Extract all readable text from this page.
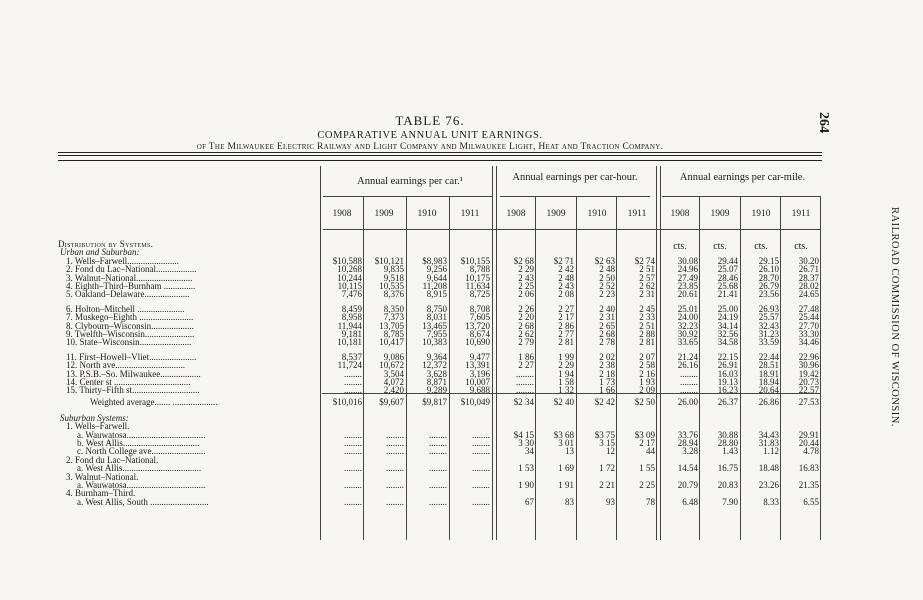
264
RAILROAD COMMISSION OF WISCONSIN.
TABLE 76.
COMPARATIVE ANNUAL UNIT EARNINGS.
of The Milwaukee Electric Railway and Light Company and Milwaukee Light, Heat and Traction Company.
Annual earnings per car.¹	Annual earnings per car-hour.	Annual earnings per car-mile.
1908	1909	1910	1911	1908	1909	1910	1911	1908	1909	1910	1911
cts.	cts.	cts.	cts.
Distribution by Systems.
Urban and Suburban:
1. Wells–Farwell.......................	$10,588	$10,121	$8,983	$10,155	$2 68	$2 71	$2 63	$2 74	30.08	29.44	29.15	30.20
2. Fond du Lac–National..................	10,268	9,835	9,256	8,788	2 29	2 42	2 48	2 51	24.96	25.07	26.10	26.71
3. Walnut–National.........................	10,244	9,518	9,644	10,175	2 43	2 48	2 50	2 57	27.49	28.46	28.70	28.37
4. Eighth–Third–Burnham ..............	10,115	10,535	11,208	11,634	2 25	2 43	2 52	2 62	23.85	25.68	26.79	28.02
5. Oakland–Delaware....................	7,476	8,376	8,915	8,725	2 06	2 08	2 23	2 31	20.61	21.41	23.56	24.65
6. Holton–Mitchell .....................	8,459	8,350	8,750	8,708	2 26	2 27	2 40	2 45	25.01	25.00	26.93	27.48
7. Muskego–Eighth ........................	8,958	7,373	8,031	7,605	2 20	2 17	2 31	2 33	24.00	24.19	25.57	25.44
8. Clybourn–Wisconsin...................	11,944	13,705	13,465	13,720	2 68	2 86	2 65	2 51	32.23	34.14	32.43	27.70
9. Twelfth–Wisconsin......................	9,181	8,785	7,955	8,674	2 62	2 77	2 68	2 88	30.92	32.56	31.23	33.30
10. State–Wisconsin.......................	10,181	10,417	10,383	10,690	2 79	2 81	2 78	2 81	33.65	34.58	33.59	34.46
11. First–Howell–Vliet.....................	8,537	9,086	9,364	9,477	1 86	1 99	2 02	2 07	21.24	22.15	22.44	22.96
12. North ave...............................	11,724	10,672	12,372	13,391	2 27	2 29	2 38	2 58	26.16	26.91	28.51	30.96
13. P.S.B.–So. Milwaukee..................	........	3,504	3,628	3,196	........	1 94	2 18	2 16	........	16.03	18.91	19.42
14. Center st ..................................	........	4,072	8,871	10,007	........	1 58	1 73	1 93	........	19.13	18.94	20.73
15. Thirty–Fifth st..............................	........	2,420	9,289	9,688	........	1 32	1 66	2 09	........	16.23	20.64	22.57
Weighted average....... ....................	$10,016	$9,607	$9,817	$10,049	$2 34	$2 40	$2 42	$2 50	26.00	26.37	26.86	27.53
Suburban Systems:
1. Wells–Farwell.
a. Wauwatosa...................................	........	........	........	........	$4 15	$3 68	$3 75	$3 09	33.76	30.88	34.43	29.91
b. West Allis..................................	........	........	........	........	3 30	3 01	3 15	2 17	28.94	28.80	31.83	20.44
c. North College ave........................	........	........	........	........	34	13	12	44	3.28	1.43	1.12	4.78
2. Fond du Lac–National.
a. West Allis...................................	........	........	........	........	1 53	1 69	1 72	1 55	14.54	16.75	18.48	16.83
3. Walnut–National.
a. Wauwatosa...................................	........	........	........	........	1 90	1 91	2 21	2 25	20.79	20.83	23.26	21.35
4. Burnham–Third.
a. West Allis, South ..........................	........	........	........	........	67	83	93	78	6.48	7.90	8.33	6.55
